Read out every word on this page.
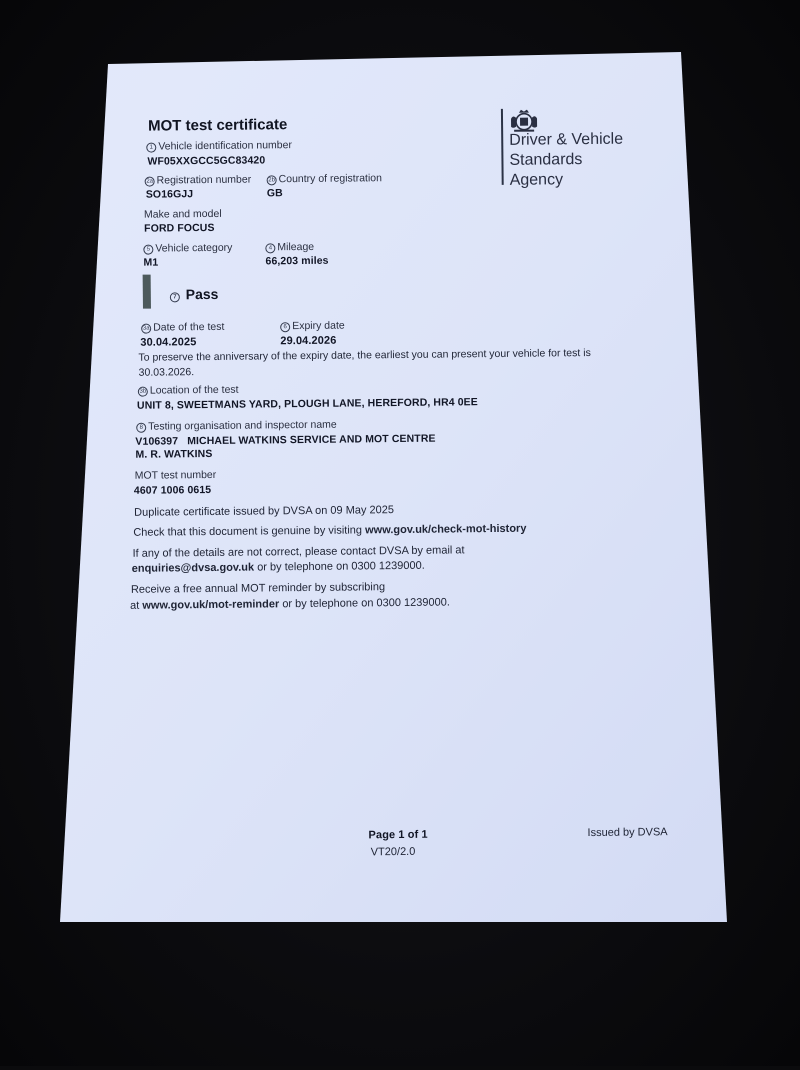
MOT test certificate
1 Vehicle identification number
WF05XXGCC5GC83420
2a Registration number
SO16GJJ
2b Country of registration
GB
Make and model
FORD FOCUS
5 Vehicle category
M1
4 Mileage
66,203 miles
7 Pass
3a Date of the test
30.04.2025
6 Expiry date
29.04.2026
To preserve the anniversary of the expiry date, the earliest you can present your vehicle for test is
30.03.2026.
3b Location of the test
UNIT 8, SWEETMANS YARD, PLOUGH LANE, HEREFORD, HR4 0EE
8 Testing organisation and inspector name
V106397   MICHAEL WATKINS SERVICE AND MOT CENTRE
M. R. WATKINS
MOT test number
4607 1006 0615
Duplicate certificate issued by DVSA on 09 May 2025
Check that this document is genuine by visiting www.gov.uk/check-mot-history
If any of the details are not correct, please contact DVSA by email at
enquiries@dvsa.gov.uk or by telephone on 0300 1239000.
Receive a free annual MOT reminder by subscribing
at www.gov.uk/mot-reminder or by telephone on 0300 1239000.
Driver & Vehicle
Standards
Agency
Page 1 of 1
VT20/2.0
Issued by DVSA
